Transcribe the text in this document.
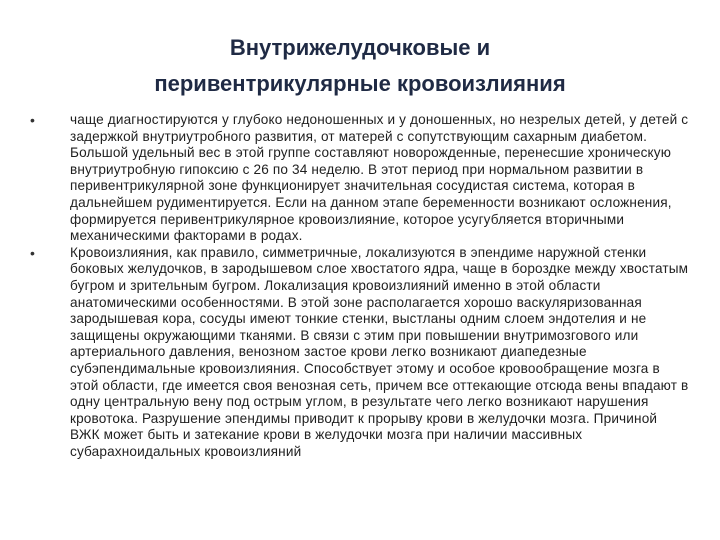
Внутрижелудочковые и
перивентрикулярные кровоизлияния
•	чаще диагностируются у глубоко недоношенных и у доношенных, но незрелых детей, у детей с задержкой внутриутробного развития, от матерей с сопутствующим сахарным диабетом. Большой удельный вес в этой группе составляют новорожденные, перенесшие хроническую внутриутробную гипоксию с 26 по 34 неделю. В этот период при нормальном развитии в перивентрикулярной зоне функционирует значительная сосудистая система, которая в дальнейшем рудиментируется. Если на данном этапе беременности возникают осложнения, формируется перивентрикулярное кровоизлияние, которое усугубляется вторичными механическими факторами в родах.
•	Кровоизлияния, как правило, симметричные, локализуются в эпендиме наружной стенки боковых желудочков, в зародышевом слое хвостатого ядра, чаще в бороздке между хвостатым бугром и зрительным бугром. Локализация кровоизлияний именно в этой области анатомическими особенностями. В этой зоне располагается хорошо васкуляризованная зародышевая кора, сосуды имеют тонкие стенки, выстланы одним слоем эндотелия и не защищены окружающими тканями. В связи с этим при повышении внутримозгового или артериального давления, венозном застое крови легко возникают диапедезные субэпендимальные кровоизлияния. Способствует этому и особое кровообращение мозга в этой области, где имеется своя венозная сеть, причем все оттекающие отсюда вены впадают в одну центральную вену под острым углом, в результате чего легко возникают нарушения кровотока. Разрушение эпендимы приводит к прорыву крови в желудочки мозга. Причиной ВЖК может быть и затекание крови в желудочки мозга при наличии массивных субарахноидальных кровоизлияний
